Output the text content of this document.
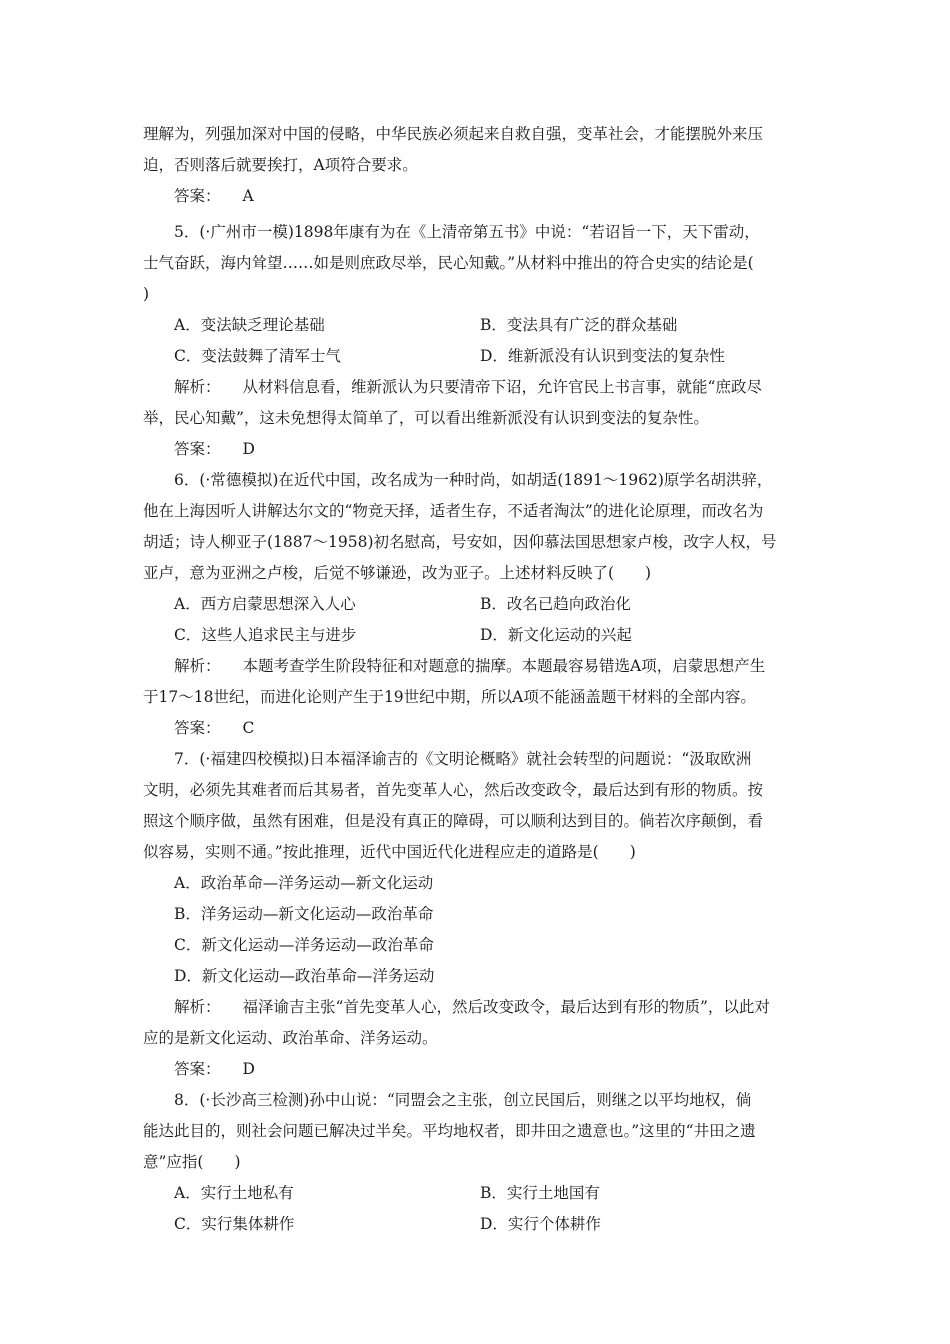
理解为，列强加深对中国的侵略，中华民族必须起来自救自强，变革社会，才能摆脱外来压
迫，否则落后就要挨打，A项符合要求。
答案： A
5．(·广州市一模)1898年康有为在《上清帝第五书》中说：“若诏旨一下，天下雷动，
士气奋跃，海内耸望……如是则庶政尽举，民心知戴。”从材料中推出的符合史实的结论是(
)
A．变法缺乏理论基础	B．变法具有广泛的群众基础
C．变法鼓舞了清军士气	D．维新派没有认识到变法的复杂性
解析： 从材料信息看，维新派认为只要清帝下诏，允许官民上书言事，就能“庶政尽
举，民心知戴”，这未免想得太简单了，可以看出维新派没有认识到变法的复杂性。
答案： D
6．(·常德模拟)在近代中国，改名成为一种时尚，如胡适(1891～1962)原学名胡洪骍，
他在上海因听人讲解达尔文的“物竞天择，适者生存，不适者淘汰”的进化论原理，而改名为
胡适；诗人柳亚子(1887～1958)初名慰高，号安如，因仰慕法国思想家卢梭，改字人权，号
亚卢，意为亚洲之卢梭，后觉不够谦逊，改为亚子。上述材料反映了(　　)
A．西方启蒙思想深入人心	B．改名已趋向政治化
C．这些人追求民主与进步	D．新文化运动的兴起
解析： 本题考查学生阶段特征和对题意的揣摩。本题最容易错选A项，启蒙思想产生
于17～18世纪，而进化论则产生于19世纪中期，所以A项不能涵盖题干材料的全部内容。
答案： C
7．(·福建四校模拟)日本福泽谕吉的《文明论概略》就社会转型的问题说：“汲取欧洲
文明，必须先其难者而后其易者，首先变革人心，然后改变政令，最后达到有形的物质。按
照这个顺序做，虽然有困难，但是没有真正的障碍，可以顺利达到目的。倘若次序颠倒，看
似容易，实则不通。”按此推理，近代中国近代化进程应走的道路是(　　)
A．政治革命—洋务运动—新文化运动
B．洋务运动—新文化运动—政治革命
C．新文化运动—洋务运动—政治革命
D．新文化运动—政治革命—洋务运动
解析： 福泽谕吉主张“首先变革人心，然后改变政令，最后达到有形的物质”，以此对
应的是新文化运动、政治革命、洋务运动。
答案： D
8．(·长沙高三检测)孙中山说：“同盟会之主张，创立民国后，则继之以平均地权，倘
能达此目的，则社会问题已解决过半矣。平均地权者，即井田之遗意也。”这里的“井田之遗
意”应指(　　)
A．实行土地私有	B．实行土地国有
C．实行集体耕作	D．实行个体耕作
